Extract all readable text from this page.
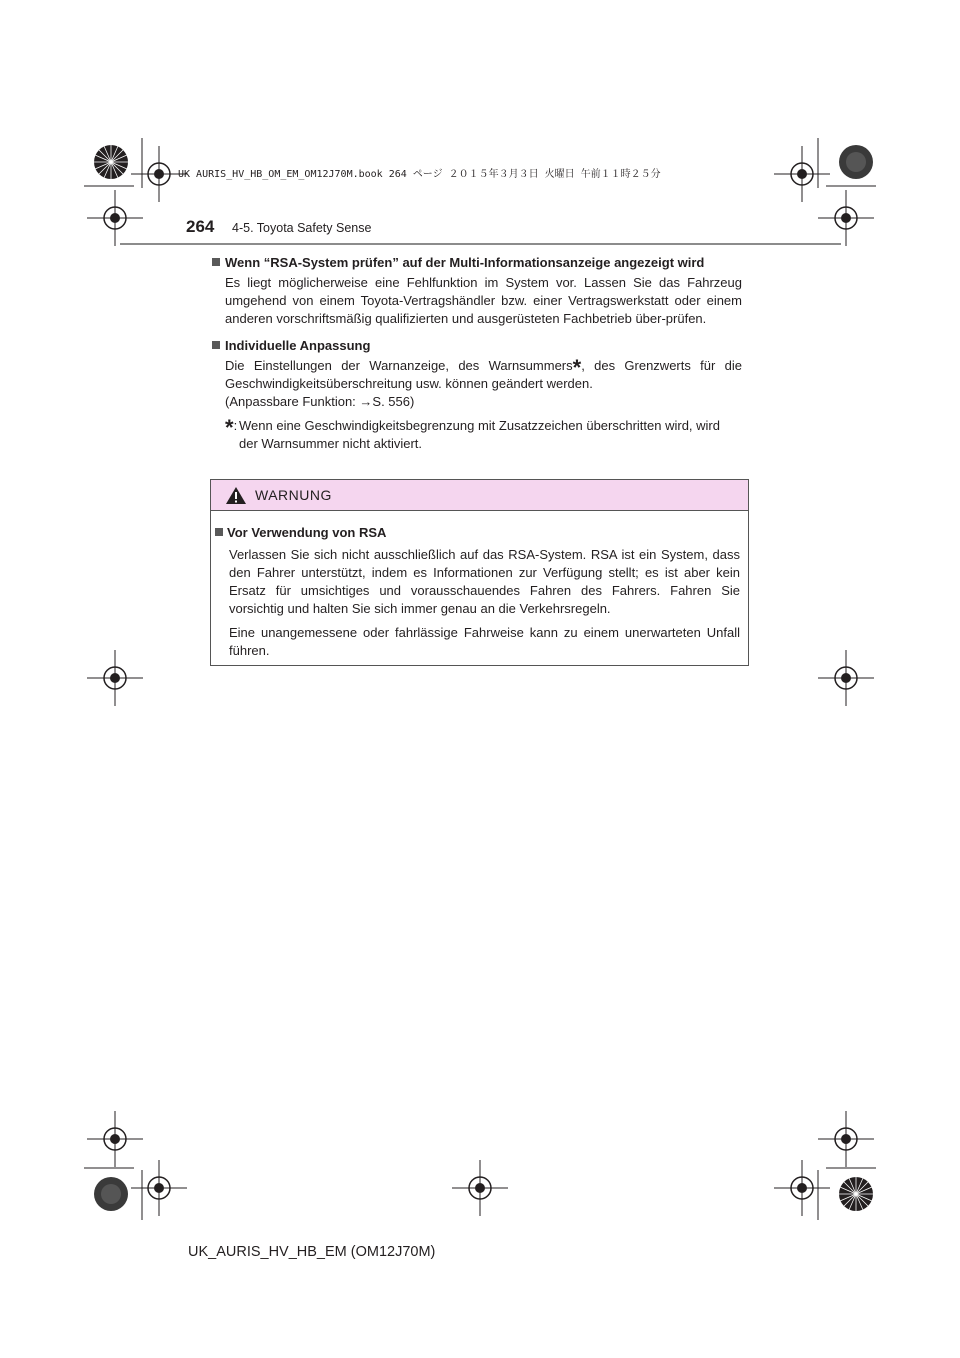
UK AURIS_HV_HB_OM_EM_OM12J70M.book 264 ページ ２０１５年３月３日 火曜日 午前１１時２５分
264 4-5. Toyota Safety Sense
Wenn “RSA-System prüfen” auf der Multi-Informationsanzeige angezeigt wird

Es liegt möglicherweise eine Fehlfunktion im System vor. Lassen Sie das Fahrzeug umgehend von einem Toyota-Vertragshändler bzw. einer Vertragswerkstatt oder einem anderen vorschriftsmäßig qualifizierten und ausgerüsteten Fachbetrieb über-prüfen.

Individuelle Anpassung

Die Einstellungen der Warnanzeige, des Warnsummers*, des Grenzwerts für die Geschwindigkeitsüberschreitung usw. können geändert werden.
(Anpassbare Funktion: →S. 556)

*: Wenn eine Geschwindigkeitsbegrenzung mit Zusatzzeichen überschritten wird, wird der Warnsummer nicht aktiviert.
WARNUNG
Vor Verwendung von RSA

Verlassen Sie sich nicht ausschließlich auf das RSA-System. RSA ist ein System, dass den Fahrer unterstützt, indem es Informationen zur Verfügung stellt; es ist aber kein Ersatz für umsichtiges und vorausschauendes Fahren des Fahrers. Fahren Sie vorsichtig und halten Sie sich immer genau an die Verkehrsregeln.

Eine unangemessene oder fahrlässige Fahrweise kann zu einem unerwarteten Unfall führen.

UK_AURIS_HV_HB_EM (OM12J70M)
